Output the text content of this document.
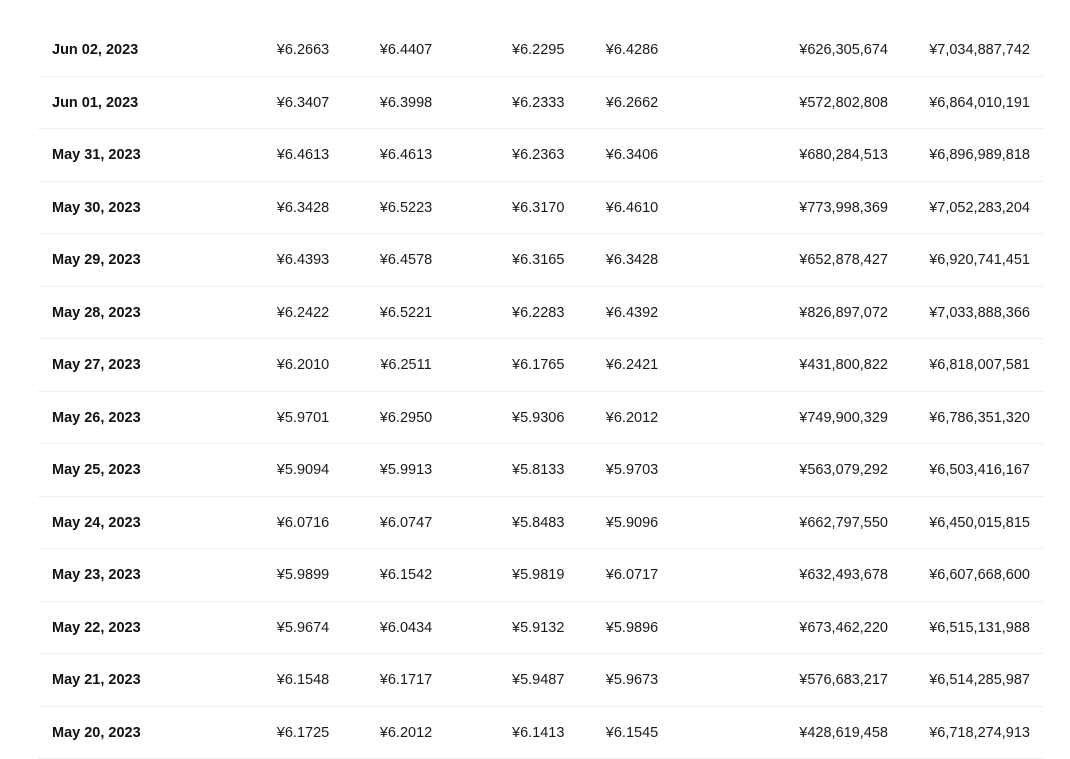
Jun 02, 2023	¥6.2663	¥6.4407	¥6.2295	¥6.4286	¥626,305,674	¥7,034,887,742
Jun 01, 2023	¥6.3407	¥6.3998	¥6.2333	¥6.2662	¥572,802,808	¥6,864,010,191
May 31, 2023	¥6.4613	¥6.4613	¥6.2363	¥6.3406	¥680,284,513	¥6,896,989,818
May 30, 2023	¥6.3428	¥6.5223	¥6.3170	¥6.4610	¥773,998,369	¥7,052,283,204
May 29, 2023	¥6.4393	¥6.4578	¥6.3165	¥6.3428	¥652,878,427	¥6,920,741,451
May 28, 2023	¥6.2422	¥6.5221	¥6.2283	¥6.4392	¥826,897,072	¥7,033,888,366
May 27, 2023	¥6.2010	¥6.2511	¥6.1765	¥6.2421	¥431,800,822	¥6,818,007,581
May 26, 2023	¥5.9701	¥6.2950	¥5.9306	¥6.2012	¥749,900,329	¥6,786,351,320
May 25, 2023	¥5.9094	¥5.9913	¥5.8133	¥5.9703	¥563,079,292	¥6,503,416,167
May 24, 2023	¥6.0716	¥6.0747	¥5.8483	¥5.9096	¥662,797,550	¥6,450,015,815
May 23, 2023	¥5.9899	¥6.1542	¥5.9819	¥6.0717	¥632,493,678	¥6,607,668,600
May 22, 2023	¥5.9674	¥6.0434	¥5.9132	¥5.9896	¥673,462,220	¥6,515,131,988
May 21, 2023	¥6.1548	¥6.1717	¥5.9487	¥5.9673	¥576,683,217	¥6,514,285,987
May 20, 2023	¥6.1725	¥6.2012	¥6.1413	¥6.1545	¥428,619,458	¥6,718,274,913
